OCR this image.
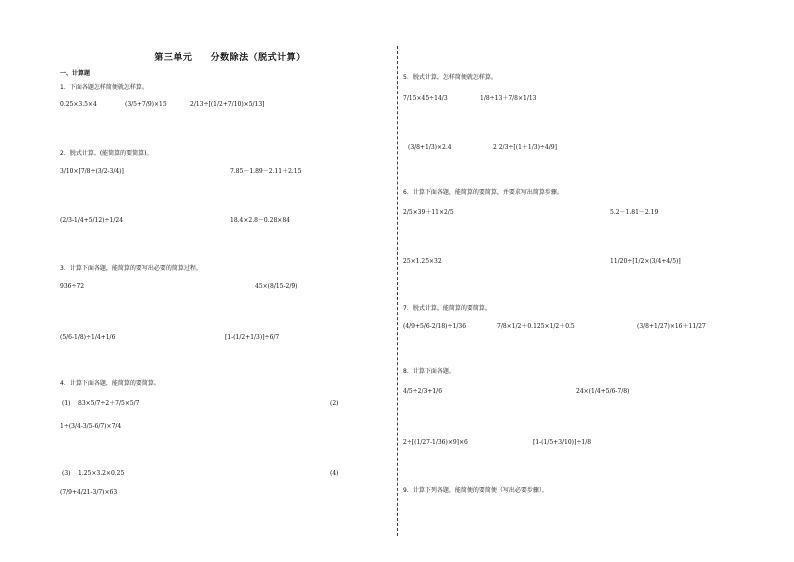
第三单元     分数除法（脱式计算）
一、计算题
1．下面各题怎样简便就怎样算。
0.25×3.5×4	(3/5+7/9)×15	2/13÷[(1/2+7/10)×5/13]
2．脱式计算。(能简算的要简算)。
3/10×[7/8÷(3/2-3/4)]	7.85－1.89－2.11＋2.15
(2/3-1/4+5/12)÷1/24	18.4×2.8－0.28×84
3．计算下面各题，能简算的要写出必要的简算过程。
936÷72	45×(8/15-2/9)
(5/6-1/8)÷1/4+1/6	[1-(1/2+1/3)]÷6/7
4．计算下面各题，能简算的要简算。
(1) 83×5/7÷2＋7/5×5/7	(2)
1÷(3/4-3/5-6/7)×7/4
(3) 1.25×3.2×0.25	(4)
(7/9+4/21-3/7)×63
5．脱式计算，怎样简便就怎样算。
7/15×45÷14/3	1/8÷13＋7/8×1/13
(3/8+1/3)×2.4	2 2/3÷[(1＋1/3)÷4/9]
6．计算下面各题，能简算的要简算，并要求写出简算步骤。
2/5×39＋11×2/5	5.2－1.81－2.19
25×1.25×32	11/20÷[1/2×(3/4+4/5)]
7．脱式计算。能简算的要简算。
(4/9+5/6-2/18)÷1/36	7/8×1/2＋0.125×1/2＋0.5	(3/8+1/27)×16＋11/27
8．计算下面各题。
4/5÷2/3+1/6	24×(1/4+5/6-7/8)
2÷[(1/27-1/36)×9]×6	[1-(1/5+3/10)]÷1/8
9．计算下列各题，能简便的要简便（写出必要步骤）。
